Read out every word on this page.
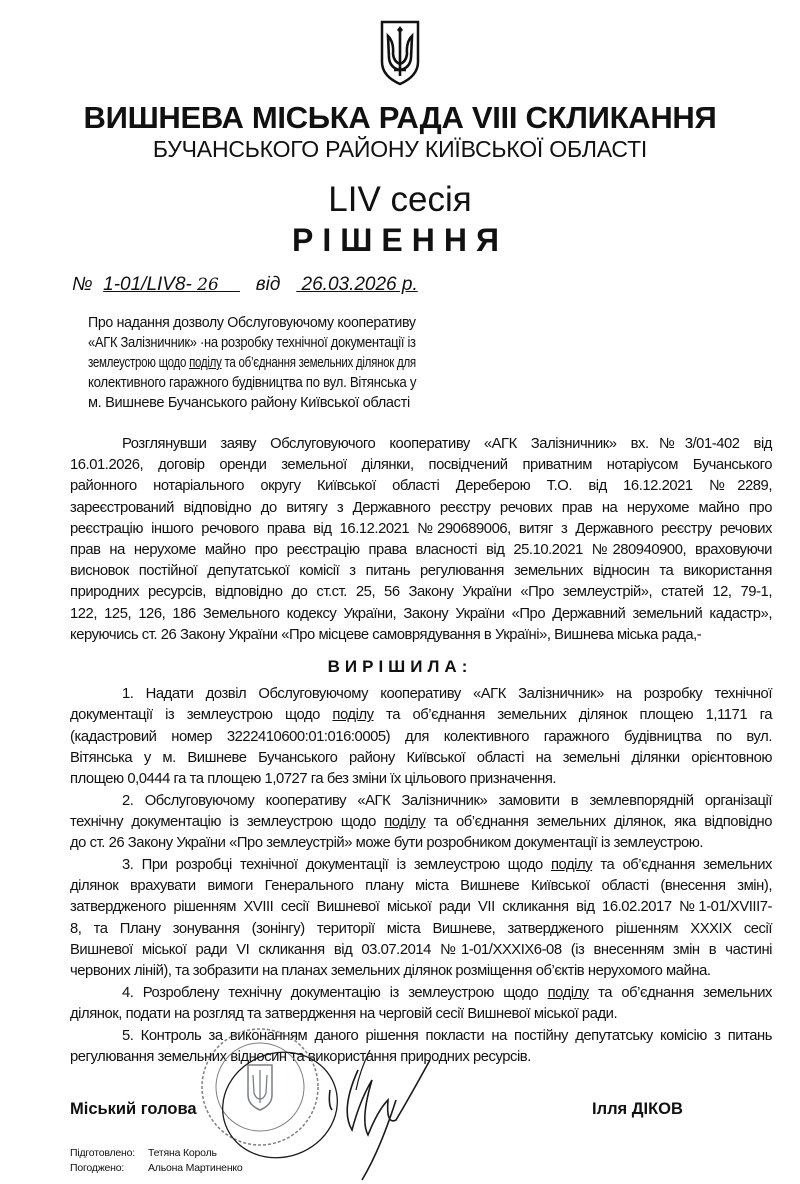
ВИШНЕВА МІСЬКА РАДА VIII СКЛИКАННЯ
БУЧАНСЬКОГО РАЙОНУ КИЇВСЬКОЇ ОБЛАСТІ
LIV сесія
РІШЕННЯ
№ 1-01/LIV8- 26 від 26.03.2026 р.
Про надання дозволу Обслуговуючому кооперативу
«АГК Залізничник» ·на розробку технічної документації із
землеустрою щодо поділу та об’єднання земельних ділянок для
колективного гаражного будівництва по вул. Вітянська у
м. Вишневе Бучанського району Київської області
Розглянувши заяву Обслуговуючого кооперативу «АГК Залізничник» вх.№3/01-402 від
16.01.2026, договір оренди земельної ділянки, посвідчений приватним нотаріусом Бучанського
районного нотаріального округу Київської області Дереберою Т.О. від 16.12.2021 №2289,
зареєстрований відповідно до витягу з Державного реєстру речових прав на нерухоме майно про
реєстрацію іншого речового права від 16.12.2021 №290689006, витяг з Державного реєстру речових
прав на нерухоме майно про реєстрацію права власності від 25.10.2021 №280940900, враховуючи
висновок постійної депутатської комісії з питань регулювання земельних відносин та використання
природних ресурсів, відповідно до ст.ст. 25, 56 Закону України «Про землеустрій», статей 12, 79-1,
122, 125, 126, 186 Земельного кодексу України, Закону України «Про Державний земельний кадастр»,
керуючись ст. 26 Закону України «Про місцеве самоврядування в Україні», Вишнева міська рада,-
ВИРІШИЛА:
1. Надати дозвіл Обслуговуючому кооперативу «АГК Залізничник» на розробку технічної
документації із землеустрою щодо поділу та об’єднання земельних ділянок площею 1,1171 га
(кадастровий номер 3222410600:01:016:0005) для колективного гаражного будівництва по вул.
Вітянська у м. Вишневе Бучанського району Київської області на земельні ділянки орієнтовною
площею 0,0444 га та площею 1,0727 га без зміни їх цільового призначення.
2. Обслуговуючому кооперативу «АГК Залізничник» замовити в землевпорядній організації
технічну документацію із землеустрою щодо поділу та об’єднання земельних ділянок, яка відповідно
до ст. 26 Закону України «Про землеустрій» може бути розробником документації із землеустрою.
3. При розробці технічної документації із землеустрою щодо поділу та об’єднання земельних
ділянок врахувати вимоги Генерального плану міста Вишневе Київської області (внесення змін),
затвердженого рішенням XVIII сесії Вишневої міської ради VII скликання від 16.02.2017 №1-01/XVIII7-
8, та Плану зонування (зонінгу) території міста Вишневе, затвердженого рішенням XXXIX сесії
Вишневої міської ради VI скликання від 03.07.2014 №1-01/XXXIX6-08 (із внесенням змін в частині
червоних ліній), та зобразити на планах земельних ділянок розміщення об’єктів нерухомого майна.
4. Розроблену технічну документацію із землеустрою щодо поділу та об’єднання земельних
ділянок, подати на розгляд та затвердження на черговій сесії Вишневої міської ради.
5. Контроль за виконанням даного рішення покласти на постійну депутатську комісію з питань
регулювання земельних відносин та використання природних ресурсів.
Міський голова	Ілля ДІКОВ
Підготовлено: Тетяна Король
Погоджено: Альона Мартиненко
